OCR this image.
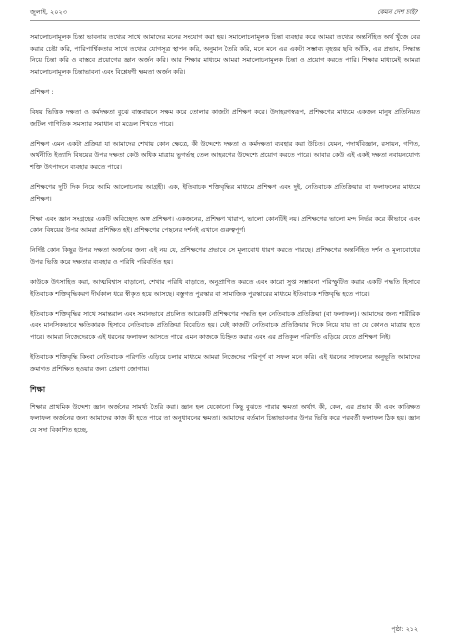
জুলাই, ২০২৩	কেমন দেশ চাই?

সমালোচনামূলক চিন্তা ভাবনায় তথ্যের সাথে আমাদের মনের সংযোগ করা হয়। সমালোচনামূলক চিন্তা ব্যবহার করে আমরা তথ্যের অন্তর্নিহিত অর্থ খুঁজে বের করার চেষ্টা করি, পারিপার্শ্বিকতার সাথে তথ্যের যোগসূত্র স্থাপন করি, অনুমান তৈরি করি, মনে মনে এর একটা সম্ভাব্য বৃহত্তর ছবি আঁকি, এর প্রভাব, সিদ্ধান্ত নিয়ে চিন্তা করি ও বাস্তবে প্রয়োগের জ্ঞান অর্জন করি। আর শিক্ষার মাধ্যমে আমরা সমালোচনামূলক চিন্তা ও প্রয়োগ করতে পারি। শিক্ষার মাধ্যমেই আমরা সমালোচনামূলক চিন্তাভাবনা এবং বিশ্লেষণী ক্ষমতা অর্জন করি।

প্রশিক্ষণ :

বিষয় ভিত্তিক দক্ষতা ও কর্মদক্ষতা বুঝে বাস্তবায়নে সক্ষম করে তোলার কাজটা প্রশিক্ষণ করে। উদাহরণস্বরূপ, প্রশিক্ষণের মাধ্যমে একজন মানুষ প্রতিনিয়ত জটিল গাণিতিক সমস্যার সমাধান বা মডেল শিখতে পারে।

প্রশিক্ষণ এমন একটা প্রক্রিয়া যা আমাদের শেখায় কোন ক্ষেত্রে, কী উদ্দেশ্যে দক্ষতা ও কর্মদক্ষতা ব্যবহার করা উচিত। যেমন, পদার্থবিজ্ঞান, রসায়ন, গণিত, অর্থনীতি ইত্যাদি বিষয়ের উপর দক্ষতা কেউ অধিক মাত্রায় ভুগর্ভস্থ তেল আহরণের উদ্দেশ্যে প্রয়োগ করতে পারে। আবার কেউ এই একই দক্ষতা নবায়নযোগ্য শক্তি উৎপাদনে ব্যবহার করতে পারে।

প্রশিক্ষণের দুটি দিক নিয়ে আমি আলোচনায় আগ্রহী। এক, ইতিবাচক শক্তিবৃদ্ধির মাধ্যমে প্রশিক্ষণ এবং দুই, নেতিবাচক প্রতিক্রিয়ার বা ফলাফলের মাধ্যমে প্রশিক্ষণ।

শিক্ষা এবং জ্ঞান সংগ্রহের একটি অবিচ্ছেদ্য অঙ্গ প্রশিক্ষণ। একজনের, প্রশিক্ষণ খারাপ, ভালো কোনটিই নয়। প্রশিক্ষণের ভালো মন্দ নির্ভর করে কীভাবে এবং কোন বিষয়ের উপর আমরা প্রশিক্ষিত হই। প্রশিক্ষণের পেছনের দর্শনই এখানে গুরুত্বপূর্ণ।

নির্দিষ্ট কোন কিছুর উপর দক্ষতা অর্জনের জন্য এই নয় যে, প্রশিক্ষণের প্রভাবে সে মূল্যবোধ ধারণ করতে পারছে। প্রশিক্ষণের অন্তর্নিহিত দর্শন ও মূল্যবোধের উপর ভিত্তি করে দক্ষতার ব্যবহার ও পরিধি পরিবর্তিত হয়।

কাউকে উৎসাহিত করা, আত্মবিশ্বাস বাড়ানো, শেখার পরিধি বাড়াতে, অনুপ্রাণিত করতে এবং কারো সুপ্ত সম্ভাবনা পরিস্ফুটিত করার একটি পদ্ধতি হিসাবে ইতিবাচক শক্তিবৃদ্ধিকরণ দীর্ঘকাল ধরে স্বীকৃত হয়ে আসছে। বস্তুগত পুরস্কার বা সামাজিক পুরস্কারের মাধ্যমে ইতিবাচক শক্তিবৃদ্ধি হতে পারে।

ইতিবাচক শক্তিবৃদ্ধির সাথে সমান্তরাল এবং সমানভাবে প্রচলিত আরেকটি প্রশিক্ষণের পদ্ধতি হল নেতিবাচক প্রতিক্রিয়া (বা ফলাফল)। আমাদের জন্য শারীরিক এবং মানসিকভাবে ক্ষতিকারক হিসাবে নেতিবাচক প্রতিক্রিয়া বিবেচিত হয়। যেই কাজটি নেতিবাচক প্রতিক্রিয়ার দিকে নিয়ে যায় তা যে কোনও মাত্রায় হতে পারে। আমরা নিজেদেরকে এই ধরনের ফলাফল আসতে পারে এমন কাজকে চিহ্নিত করার এবং এর প্রতিকূল পরিণতি এড়িয়ে যেতে প্রশিক্ষণ নিই।

ইতিবাচক শক্তিবৃদ্ধি কিংবা নেতিবাচক পরিণতি এড়িয়ে চলার মাধ্যমে আমরা নিজেদের পরিপূর্ণ বা সফল মনে করি। এই ধরনের সাফল্যের অনুভূতি আমাদের ক্রমাগত প্রশিক্ষিত হওয়ার জন্য প্রেরণা জোগায়।

শিক্ষা

শিক্ষার প্রাথমিক উদ্দেশ্য জ্ঞান অর্জনের সামর্থ্য তৈরি করা। জ্ঞান হল যেকোনো কিছু বুঝতে পারার ক্ষমতা অর্থাৎ কী, কেন, এর প্রভাব কী এবং কাঙ্ক্ষিত ফলাফল অর্জনের জন্য আমাদের কাজ কী হতে পারে তা অনুধাবনের ক্ষমতা। আমাদের বর্তমান চিন্তাভাবনার উপর ভিত্তি করে পরবর্তী ফলাফল ঠিক হয়। জ্ঞান যে সদা বিকাশিত হচ্ছে,

পৃষ্ঠা: ২১২
